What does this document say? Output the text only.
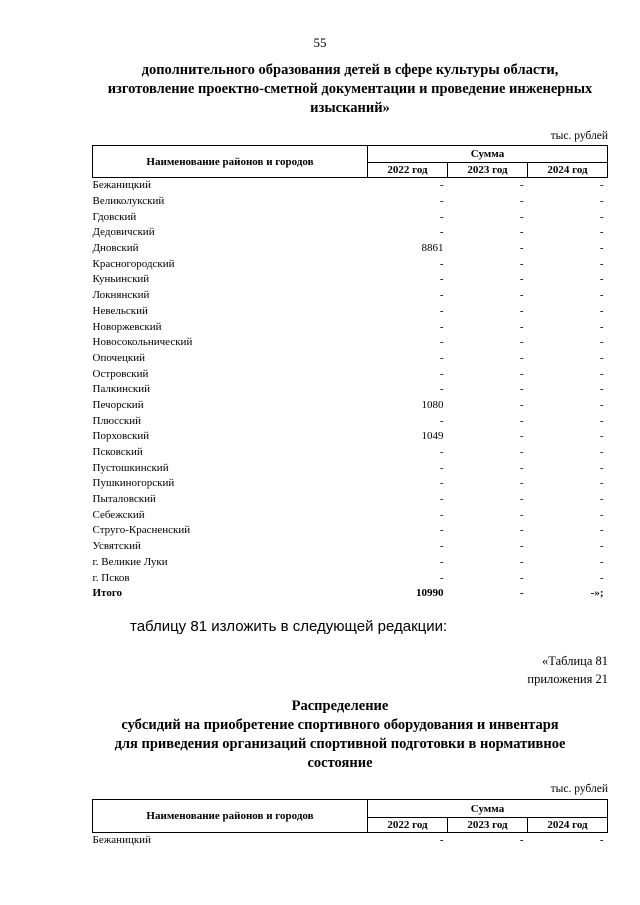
55
дополнительного образования детей в сфере культуры области,
изготовление проектно-сметной документации и проведение инженерных
изысканий»
тыс. рублей
Наименование районов и городов	Сумма		
	2022 год	2023 год	2024 год
Бежаницкий	-	-	-
Великолукский	-	-	-
Гдовский	-	-	-
Дедовичский	-	-	-
Дновский	8861	-	-
Красногородский	-	-	-
Куньинский	-	-	-
Локнянский	-	-	-
Невельский	-	-	-
Новоржевский	-	-	-
Новосокольнический	-	-	-
Опочецкий	-	-	-
Островский	-	-	-
Палкинский	-	-	-
Печорский	1080	-	-
Плюсский	-	-	-
Порховский	1049	-	-
Псковский	-	-	-
Пустошкинский	-	-	-
Пушкиногорский	-	-	-
Пыталовский	-	-	-
Себежский	-	-	-
Струго-Красненский	-	-	-
Усвятский	-	-	-
г. Великие Луки	-	-	-
г. Псков	-	-	-
Итого	10990	-	-»;
таблицу 81 изложить в следующей редакции:
«Таблица 81
приложения 21
Распределение
субсидий на приобретение спортивного оборудования и инвентаря
для приведения организаций спортивной подготовки в нормативное
состояние
тыс. рублей
Наименование районов и городов	Сумма		
	2022 год	2023 год	2024 год
Бежаницкий	-	-	-
